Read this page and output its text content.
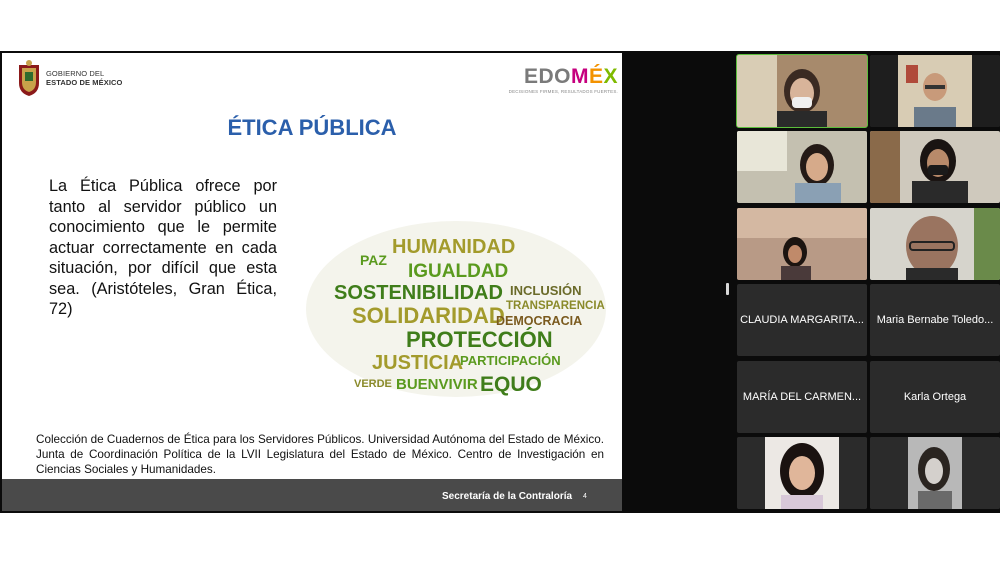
GOBIERNO DEL
ESTADO DE MÉXICO	EDOMÉX
DECISIONES FIRMES, RESULTADOS FUERTES.
ÉTICA PÚBLICA
La Ética Pública ofrece por tanto al servidor público un conocimiento que le permite actuar correctamente en cada situación, por difícil que esta sea. (Aristóteles, Gran Ética, 72)
HUMANIDAD
PAZ
IGUALDAD
SOSTENIBILIDAD INCLUSIÓN
TRANSPARENCIA
SOLIDARIDAD
DEMOCRACIA
PROTECCIÓN
JUSTICIA
PARTICIPACIÓN
EQUO
BUENVIVIR
VERDE
Colección de Cuadernos de Ética para los Servidores Públicos. Universidad Autónoma del Estado de México. Junta de Coordinación Política de la LVII Legislatura del Estado de México. Centro de Investigación en Ciencias Sociales y Humanidades.
Secretaría de la Contraloría 4
CLAUDIA MARGARITA...	Maria Bernabe Toledo...
MARÍA DEL CARMEN...	Karla Ortega
